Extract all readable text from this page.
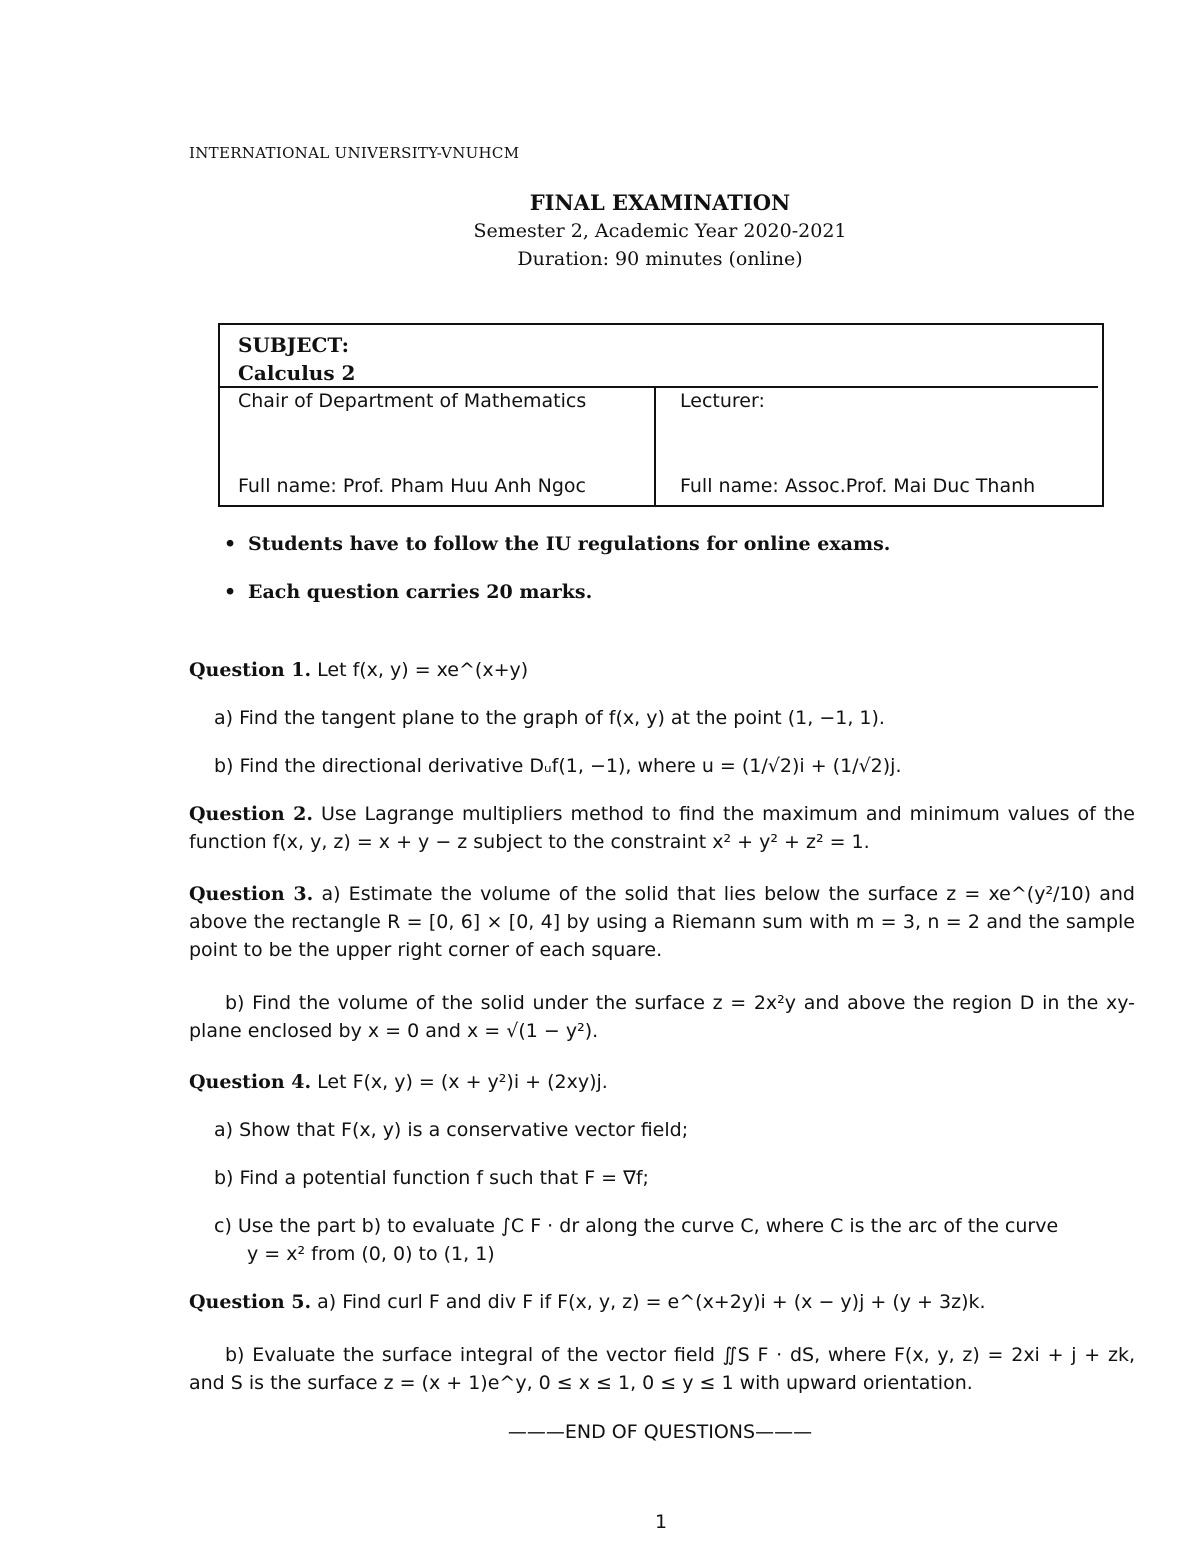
INTERNATIONAL UNIVERSITY-VNUHCM
FINAL EXAMINATION
Semester 2, Academic Year 2020-2021
Duration: 90 minutes (online)
SUBJECT:
Calculus 2
Chair of Department of Mathematics
Full name: Prof. Pham Huu Anh Ngoc
Lecturer:
Full name: Assoc.Prof. Mai Duc Thanh
• Students have to follow the IU regulations for online exams.
• Each question carries 20 marks.
Question 1. Let f(x, y) = xe^(x+y)
a) Find the tangent plane to the graph of f(x, y) at the point (1, −1, 1).
b) Find the directional derivative Dᵤf(1, −1), where u = (1/√2)i + (1/√2)j.
Question 2. Use Lagrange multipliers method to find the maximum and minimum values of the function f(x, y, z) = x + y − z subject to the constraint x² + y² + z² = 1.
Question 3. a) Estimate the volume of the solid that lies below the surface z = xe^(y²/10) and above the rectangle R = [0, 6] × [0, 4] by using a Riemann sum with m = 3, n = 2 and the sample point to be the upper right corner of each square.
b) Find the volume of the solid under the surface z = 2x²y and above the region D in the xy-plane enclosed by x = 0 and x = √(1 − y²).
Question 4. Let F(x, y) = (x + y²)i + (2xy)j.
a) Show that F(x, y) is a conservative vector field;
b) Find a potential function f such that F = ∇f;
c) Use the part b) to evaluate ∫C F · dr along the curve C, where C is the arc of the curve
y = x² from (0, 0) to (1, 1)
Question 5. a) Find curl F and div F if F(x, y, z) = e^(x+2y)i + (x − y)j + (y + 3z)k.
b) Evaluate the surface integral of the vector field ∬S F · dS, where F(x, y, z) = 2xi + j + zk, and S is the surface z = (x + 1)e^y, 0 ≤ x ≤ 1, 0 ≤ y ≤ 1 with upward orientation.
———END OF QUESTIONS———
1
